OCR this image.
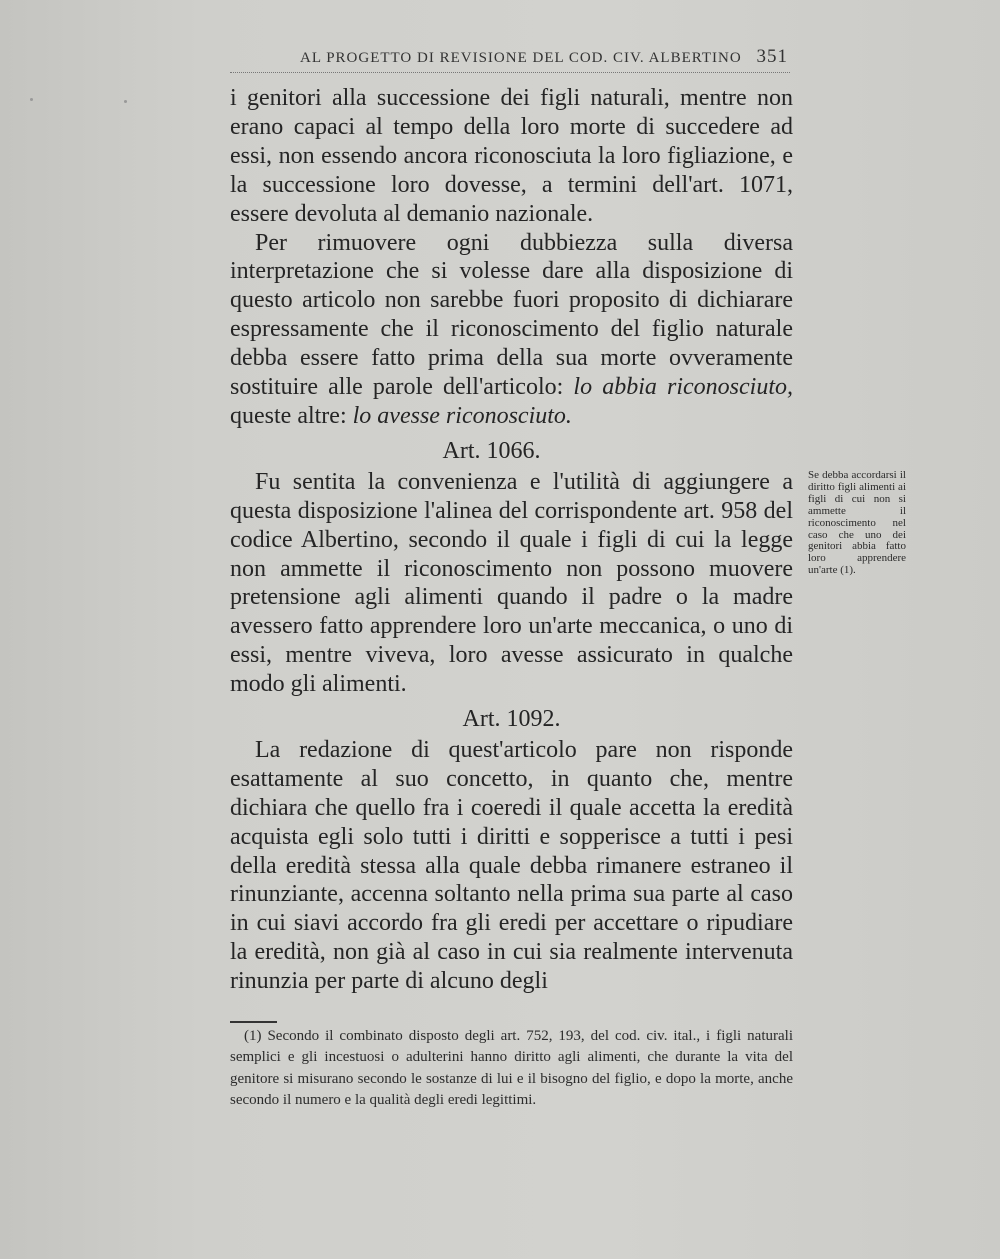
AL PROGETTO DI REVISIONE DEL COD. CIV. ALBERTINO 351

i genitori alla successione dei figli naturali, mentre non erano capaci al tempo della loro morte di succedere ad essi, non essendo ancora riconosciuta la loro figliazione, e la successione loro dovesse, a termini dell'art. 1071, essere devoluta al demanio nazionale.

Per rimuovere ogni dubbiezza sulla diversa interpretazione che si volesse dare alla disposizione di questo articolo non sarebbe fuori proposito di dichiarare espressamente che il riconoscimento del figlio naturale debba essere fatto prima della sua morte ovveramente sostituire alle parole dell'articolo: lo abbia riconosciuto, queste altre: lo avesse riconosciuto.

Art. 1066.

Fu sentita la convenienza e l'utilità di aggiungere a questa disposizione l'alinea del corrispondente art. 958 del codice Albertino, secondo il quale i figli di cui la legge non ammette il riconoscimento non possono muovere pretensione agli alimenti quando il padre o la madre avessero fatto apprendere loro un'arte meccanica, o uno di essi, mentre viveva, loro avesse assicurato in qualche modo gli alimenti.

Art. 1092.

La redazione di quest'articolo pare non risponde esattamente al suo concetto, in quanto che, mentre dichiara che quello fra i coeredi il quale accetta la eredità acquista egli solo tutti i diritti e sopperisce a tutti i pesi della eredità stessa alla quale debba rimanere estraneo il rinunziante, accenna soltanto nella prima sua parte al caso in cui siavi accordo fra gli eredi per accettare o ripudiare la eredità, non già al caso in cui sia realmente intervenuta rinunzia per parte di alcuno degli

Se debba accordarsi il diritto figli alimenti ai figli di cui non si ammette il riconoscimento nel caso che uno dei genitori abbia fatto loro apprendere un'arte (1).

(1) Secondo il combinato disposto degli art. 752, 193, del cod. civ. ital., i figli naturali semplici e gli incestuosi o adulterini hanno diritto agli alimenti, che durante la vita del genitore si misurano secondo le sostanze di lui e il bisogno del figlio, e dopo la morte, anche secondo il numero e la qualità degli eredi legittimi.
